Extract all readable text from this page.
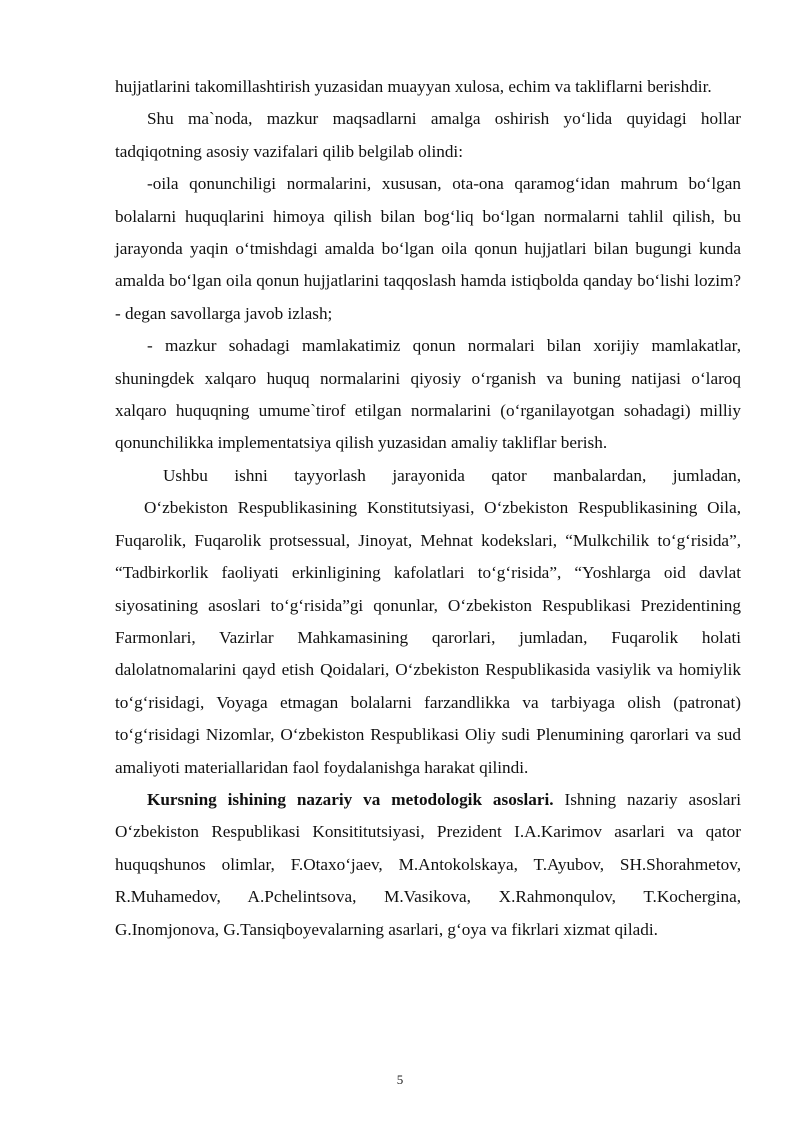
hujjatlarini takomillashtirish yuzasidan muayyan xulosa, echim va takliflarni berishdir.

Shu ma`noda, mazkur maqsadlarni amalga oshirish yo‘lida quyidagi hollar tadqiqotning asosiy vazifalari qilib belgilab olindi:

-oila qonunchiligi normalarini, xususan, ota-ona qaramog‘idan mahrum bo‘lgan bolalarni huquqlarini himoya qilish bilan bog‘liq bo‘lgan normalarni tahlil qilish, bu jarayonda yaqin o‘tmishdagi amalda bo‘lgan oila qonun hujjatlari bilan bugungi kunda amalda bo‘lgan oila qonun hujjatlarini taqqoslash hamda istiqbolda qanday bo‘lishi lozim? - degan savollarga javob izlash;

- mazkur sohadagi mamlakatimiz qonun normalari bilan xorijiy mamlakatlar, shuningdek xalqaro huquq normalarini qiyosiy o‘rganish va buning natijasi o‘laroq xalqaro huquqning umume`tirof etilgan normalarini (o‘rganilayotgan sohadagi) milliy qonunchilikka implementatsiya qilish yuzasidan amaliy takliflar berish.

Ushbu ishni tayyorlash jarayonida qator manbalardan, jumladan,

O‘zbekiston Respublikasining Konstitutsiyasi, O‘zbekiston Respublikasining Oila, Fuqarolik, Fuqarolik protsessual, Jinoyat, Mehnat kodekslari, “Mulkchilik to‘g‘risida”, “Tadbirkorlik faoliyati erkinligining kafolatlari to‘g‘risida”, “Yoshlarga oid davlat siyosatining asoslari to‘g‘risida”gi qonunlar, O‘zbekiston Respublikasi Prezidentining Farmonlari, Vazirlar Mahkamasining qarorlari, jumladan, Fuqarolik holati dalolatnomalarini qayd etish Qoidalari, O‘zbekiston Respublikasida vasiylik va homiylik to‘g‘risidagi, Voyaga etmagan bolalarni farzandlikka va tarbiyaga olish (patronat) to‘g‘risidagi Nizomlar, O‘zbekiston Respublikasi Oliy sudi Plenumining qarorlari va sud amaliyoti materiallaridan faol foydalanishga harakat qilindi.

Kursning ishining nazariy va metodologik asoslari. Ishning nazariy asoslari O‘zbekiston Respublikasi Konsititutsiyasi, Prezident I.A.Karimov asarlari va qator huquqshunos olimlar, F.Otaxo‘jaev, M.Antokolskaya, T.Ayubov, SH.Shorahmetov, R.Muhamedov, A.Pchelintsova, M.Vasikova, X.Rahmonqulov, T.Kochergina, G.Inomjonova, G.Tansiqboyevalarning asarlari, g‘oya va fikrlari xizmat qiladi.

5
